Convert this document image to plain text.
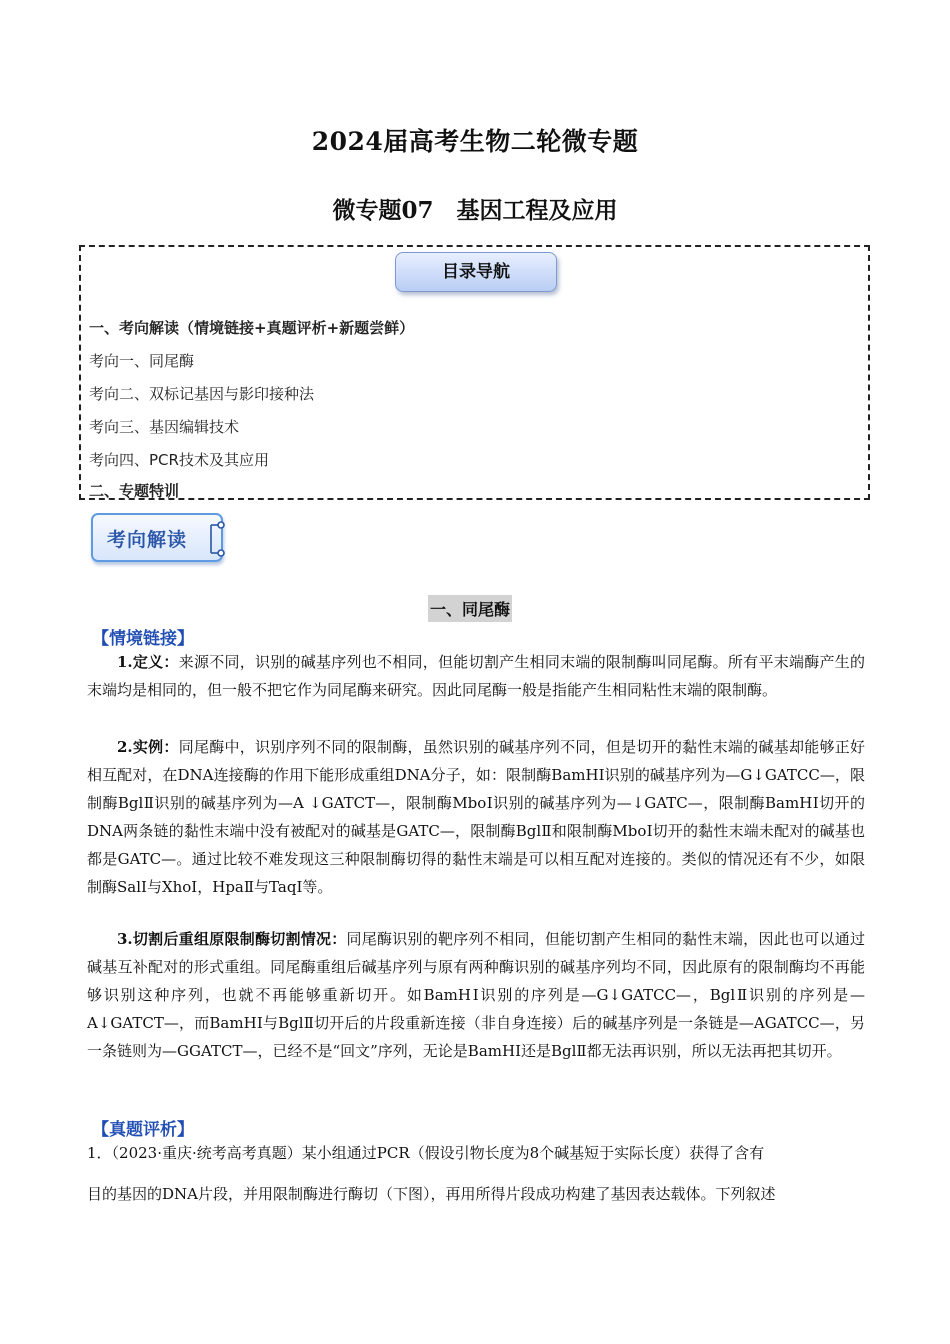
2024届高考生物二轮微专题
微专题07　基因工程及应用
目录导航
一、考向解读（情境链接+真题评析+新题尝鲜）
考向一、同尾酶
考向二、双标记基因与影印接种法
考向三、基因编辑技术
考向四、PCR技术及其应用
二、专题特训
考向解读
一、同尾酶
【情境链接】

1.定义：来源不同，识别的碱基序列也不相同，但能切割产生相同末端的限制酶叫同尾酶。所有平末端酶产生的末端均是相同的，但一般不把它作为同尾酶来研究。因此同尾酶一般是指能产生相同粘性末端的限制酶。

2.实例：同尾酶中，识别序列不同的限制酶，虽然识别的碱基序列不同，但是切开的黏性末端的碱基却能够正好相互配对，在DNA连接酶的作用下能形成重组DNA分子，如：限制酶BamHⅠ识别的碱基序列为—G↓GATCC—，限制酶BglⅡ识别的碱基序列为—A ↓GATCT—，限制酶MboⅠ识别的碱基序列为—↓GATC—，限制酶BamHⅠ切开的DNA两条链的黏性末端中没有被配对的碱基是GATC—，限制酶BglⅡ和限制酶MboⅠ切开的黏性末端未配对的碱基也都是GATC—。通过比较不难发现这三种限制酶切得的黏性末端是可以相互配对连接的。类似的情况还有不少，如限制酶SalⅠ与XhoⅠ，HpaⅡ与TaqⅠ等。

3.切割后重组原限制酶切割情况：同尾酶识别的靶序列不相同，但能切割产生相同的黏性末端，因此也可以通过碱基互补配对的形式重组。同尾酶重组后碱基序列与原有两种酶识别的碱基序列均不同，因此原有的限制酶均不再能够识别这种序列，也就不再能够重新切开。如BamHⅠ识别的序列是—G↓GATCC—，BglⅡ识别的序列是—A↓GATCT—，而BamHⅠ与BglⅡ切开后的片段重新连接（非自身连接）后的碱基序列是一条链是—AGATCC—，另一条链则为—GGATCT—，已经不是“回文”序列，无论是BamHⅠ还是BglⅡ都无法再识别，所以无法再把其切开。

【真题评析】
1．（2023·重庆·统考高考真题）某小组通过PCR（假设引物长度为8个碱基短于实际长度）获得了含有
目的基因的DNA片段，并用限制酶进行酶切（下图），再用所得片段成功构建了基因表达载体。下列叙述
